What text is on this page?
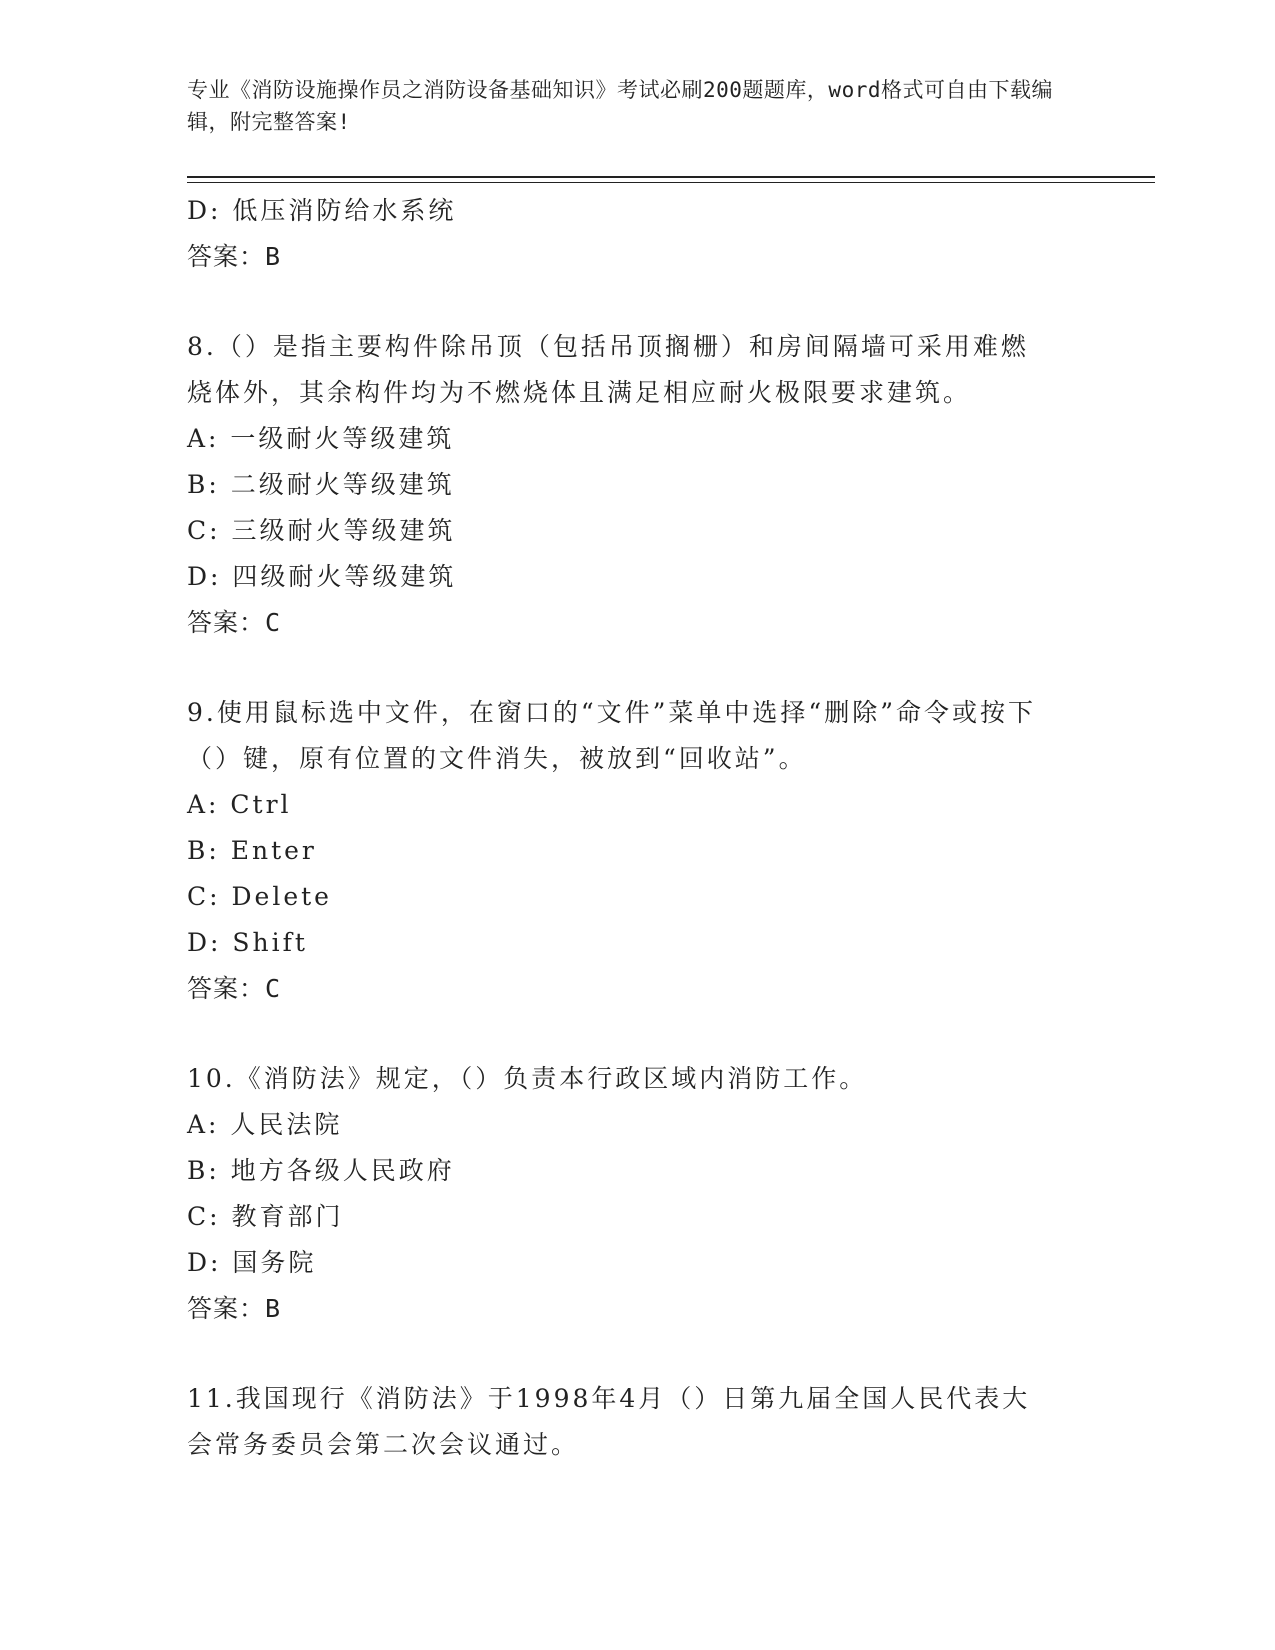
专业《消防设施操作员之消防设备基础知识》考试必刷200题题库，word格式可自由下载编辑，附完整答案!
D: 低压消防给水系统
答案：B
8.（）是指主要构件除吊顶（包括吊顶搁栅）和房间隔墙可采用难燃烧体外，其余构件均为不燃烧体且满足相应耐火极限要求建筑。
A: 一级耐火等级建筑
B: 二级耐火等级建筑
C: 三级耐火等级建筑
D: 四级耐火等级建筑
答案：C
9.使用鼠标选中文件，在窗口的“文件”菜单中选择“删除”命令或按下（）键，原有位置的文件消失，被放到“回收站”。
A: Ctrl
B: Enter
C: Delete
D: Shift
答案：C
10.《消防法》规定，（）负责本行政区域内消防工作。
A: 人民法院
B: 地方各级人民政府
C: 教育部门
D: 国务院
答案：B
11.我国现行《消防法》于1998年4月（）日第九届全国人民代表大会常务委员会第二次会议通过。
